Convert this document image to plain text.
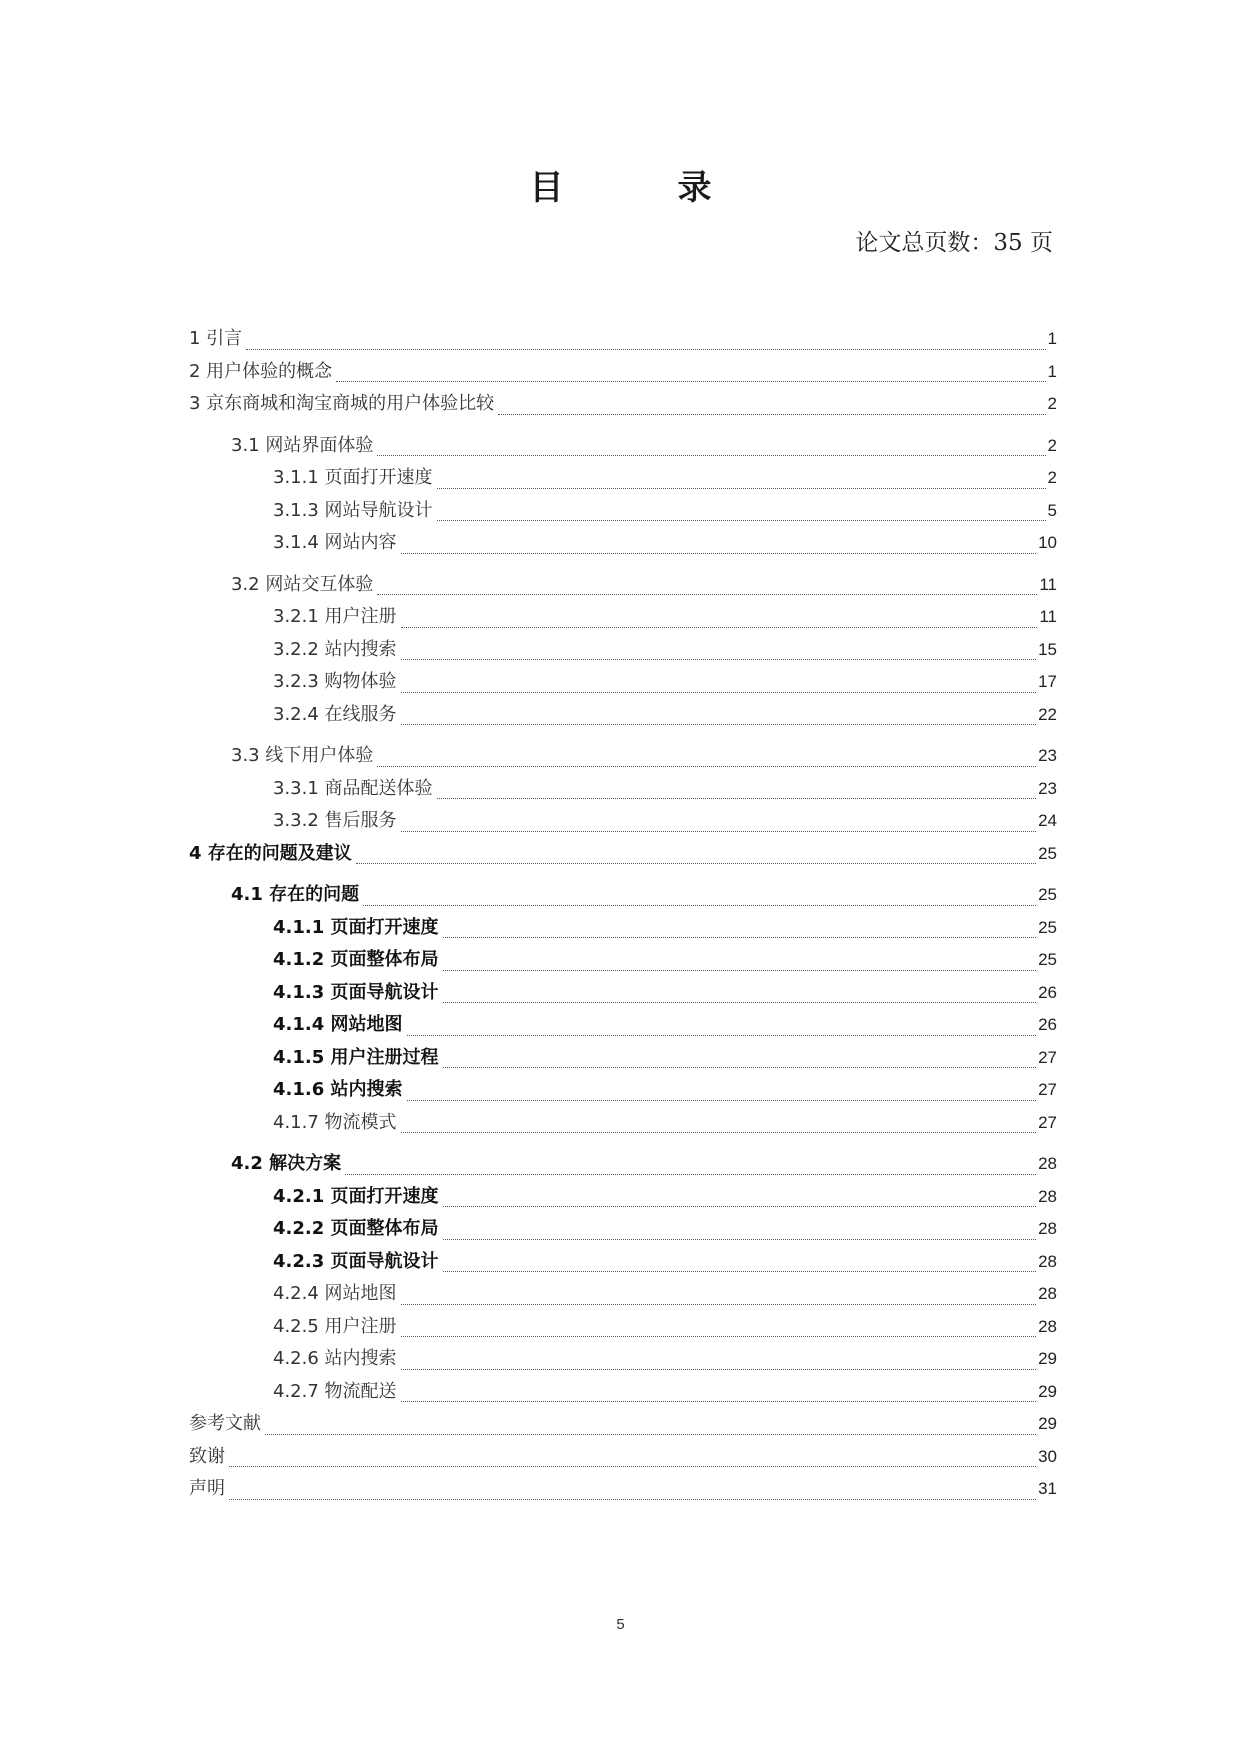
目　录
论文总页数：35 页
1 引言	1
2 用户体验的概念	1
3 京东商城和淘宝商城的用户体验比较	2
3.1 网站界面体验	2
3.1.1 页面打开速度	2
3.1.3 网站导航设计	5
3.1.4 网站内容	10
3.2 网站交互体验	11
3.2.1 用户注册	11
3.2.2 站内搜索	15
3.2.3 购物体验	17
3.2.4 在线服务	22
3.3 线下用户体验	23
3.3.1 商品配送体验	23
3.3.2 售后服务	24
4 存在的问题及建议	25
4.1 存在的问题	25
4.1.1 页面打开速度	25
4.1.2 页面整体布局	25
4.1.3 页面导航设计	26
4.1.4 网站地图	26
4.1.5 用户注册过程	27
4.1.6 站内搜索	27
4.1.7 物流模式	27
4.2 解决方案	28
4.2.1 页面打开速度	28
4.2.2 页面整体布局	28
4.2.3 页面导航设计	28
4.2.4 网站地图	28
4.2.5 用户注册	28
4.2.6 站内搜索	29
4.2.7 物流配送	29
参考文献	29
致谢	30
声明	31
5
